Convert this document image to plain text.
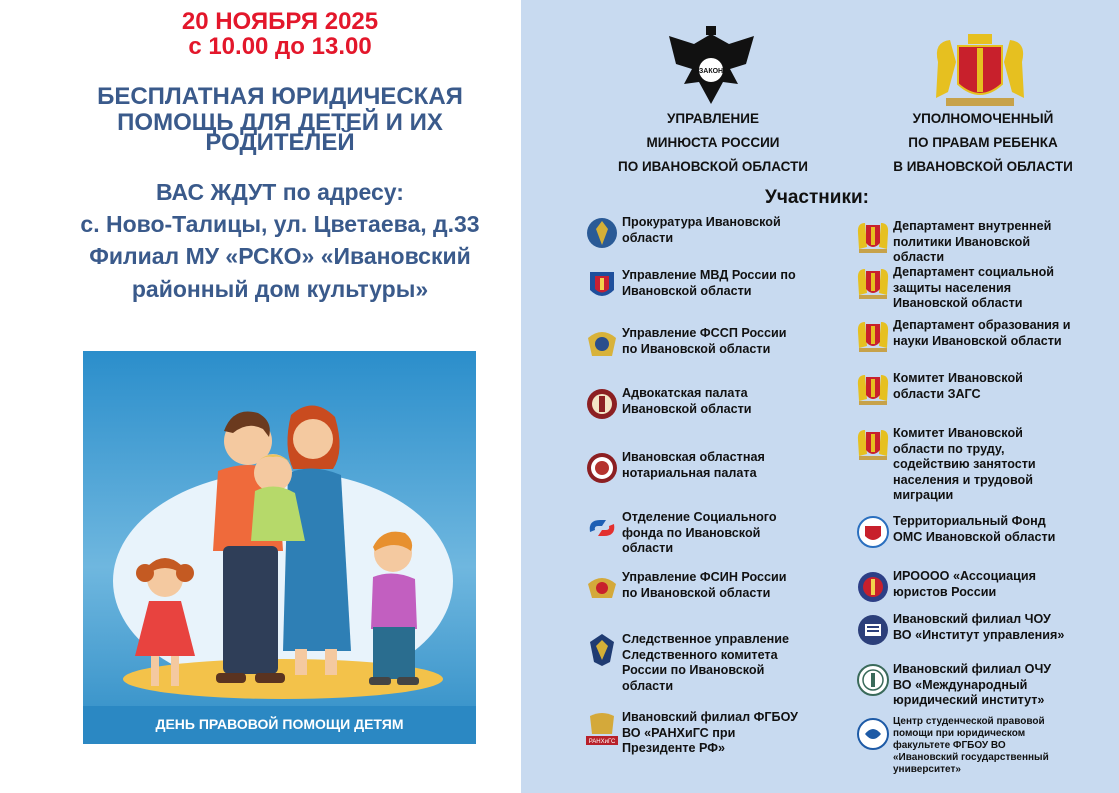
20 НОЯБРЯ 2025
с 10.00 до 13.00
БЕСПЛАТНАЯ ЮРИДИЧЕСКАЯ
ПОМОЩЬ ДЛЯ ДЕТЕЙ И ИХ
РОДИТЕЛЕЙ
ВАС ЖДУТ по адресу:
с. Ново-Талицы, ул. Цветаева, д.33
Филиал МУ «РСКО» «Ивановский
районный дом культуры»
ДЕНЬ ПРАВОВОЙ ПОМОЩИ ДЕТЯМ
ЗАКОН
УПРАВЛЕНИЕ
МИНЮСТА РОССИИ
ПО ИВАНОВСКОЙ ОБЛАСТИ
УПОЛНОМОЧЕННЫЙ
ПО ПРАВАМ РЕБЕНКА
В ИВАНОВСКОЙ ОБЛАСТИ
Участники:
Прокуратура Ивановской
области
Управление МВД России по
Ивановской области
Управление ФССП России
по Ивановской области
Адвокатская палата
Ивановской области
Ивановская областная
нотариальная палата
Отделение Социального
фонда по Ивановской
области
Управление ФСИН России
по Ивановской области
Следственное управление
Следственного комитета
России по Ивановской
области
РАНХиГС
Ивановский филиал ФГБОУ
ВО «РАНХиГС при
Президенте РФ»
Департамент внутренней
политики Ивановской
области
Департамент социальной
защиты населения
Ивановской области
Департамент образования и
науки Ивановской области
Комитет Ивановской
области ЗАГС
Комитет Ивановской
области по труду,
содействию занятости
населения и трудовой
миграции
Территориальный Фонд
ОМС Ивановской области
ИРОООО «Ассоциация
юристов России
Ивановский филиал ЧОУ
ВО «Институт управления»
Ивановский филиал ОЧУ
ВО «Международный
юридический институт»
Центр студенческой правовой
помощи при юридическом
факультете ФГБОУ ВО
«Ивановский государственный
университет»
